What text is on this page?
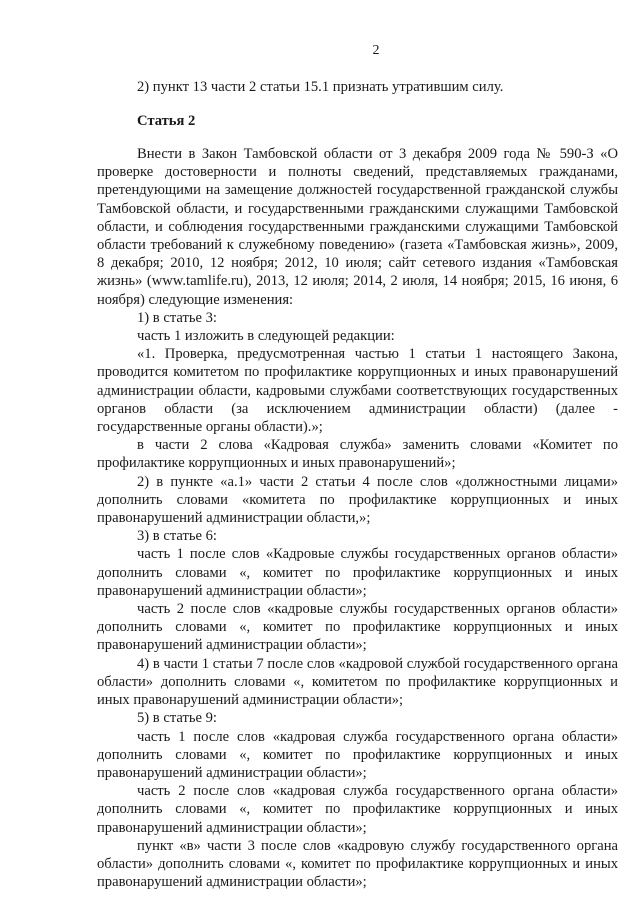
2

2) пункт 13 части 2 статьи 15.1 признать утратившим силу.

Статья 2

Внести в Закон Тамбовской области от 3 декабря 2009 года № 590-З «О проверке достоверности и полноты сведений, представляемых гражданами, претендующими на замещение должностей государственной гражданской службы Тамбовской области, и государственными гражданскими служащими Тамбовской области, и соблюдения государственными гражданскими служащими Тамбовской области требований к служебному поведению» (газета «Тамбовская жизнь», 2009, 8 декабря; 2010, 12 ноября; 2012, 10 июля; сайт сетевого издания «Тамбовская жизнь» (www.tamlife.ru), 2013, 12 июля; 2014, 2 июля, 14 ноября; 2015, 16 июня, 6 ноября) следующие изменения:

1) в статье 3:

часть 1 изложить в следующей редакции:

«1. Проверка, предусмотренная частью 1 статьи 1 настоящего Закона, проводится комитетом по профилактике коррупционных и иных правонарушений администрации области, кадровыми службами соответствующих государственных органов области (за исключением администрации области) (далее - государственные органы области).»;

в части 2 слова «Кадровая служба» заменить словами «Комитет по профилактике коррупционных и иных правонарушений»;

2) в пункте «а.1» части 2 статьи 4 после слов «должностными лицами» дополнить словами «комитета по профилактике коррупционных и иных правонарушений администрации области,»;

3) в статье 6:

часть 1 после слов «Кадровые службы государственных органов области» дополнить словами «, комитет по профилактике коррупционных и иных правонарушений администрации области»;

часть 2 после слов «кадровые службы государственных органов области» дополнить словами «, комитет по профилактике коррупционных и иных правонарушений администрации области»;

4) в части 1 статьи 7 после слов «кадровой службой государственного органа области» дополнить словами «, комитетом по профилактике коррупционных и иных правонарушений администрации области»;

5) в статье 9:

часть 1 после слов «кадровая служба государственного органа области» дополнить словами «, комитет по профилактике коррупционных и иных правонарушений администрации области»;

часть 2 после слов «кадровая служба государственного органа области» дополнить словами «, комитет по профилактике коррупционных и иных правонарушений администрации области»;

пункт «в» части 3 после слов «кадровую службу государственного органа области» дополнить словами «, комитет по профилактике коррупционных и иных правонарушений администрации области»;
